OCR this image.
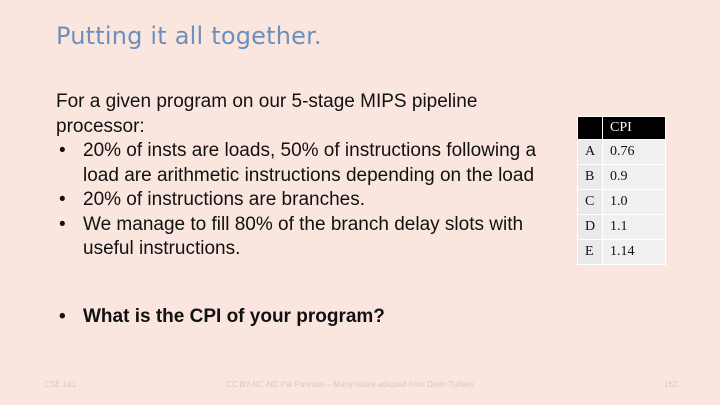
Putting it all together.

For a given program on our 5-stage MIPS pipeline processor:

• 20% of insts are loads, 50% of instructions following a load are arithmetic instructions depending on the load
• 20% of instructions are branches.
• We manage to fill 80% of the branch delay slots with useful instructions.
• What is the CPI of your program?
	CPI
A	0.76
B	0.9
C	1.0
D	1.1
E	1.14
CSE 141	CC BY-NC-ND Pat Pannuto – Many slides adapted from Dean Tullsen	162
